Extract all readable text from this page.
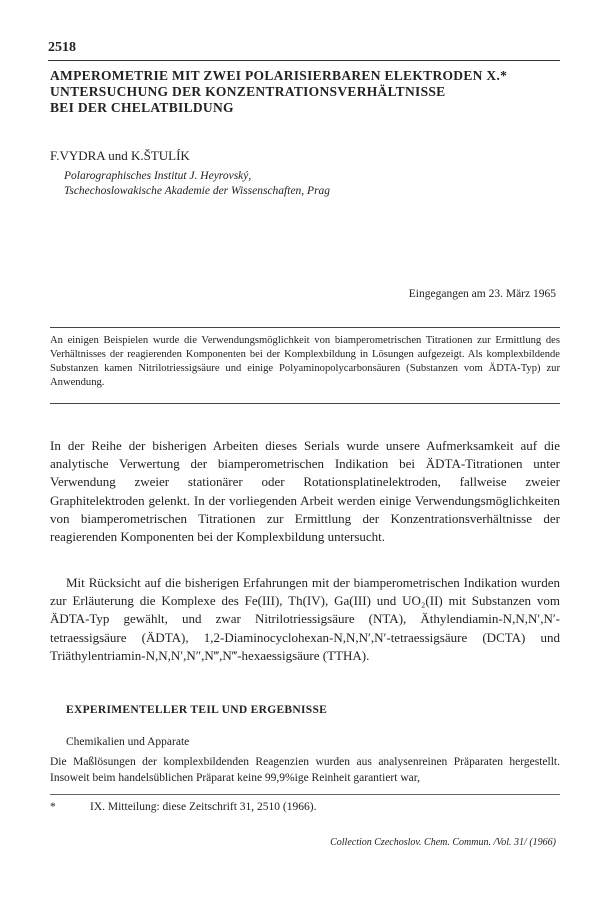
2518
AMPEROMETRIE MIT ZWEI POLARISIERBAREN ELEKTRODEN X.*
UNTERSUCHUNG DER KONZENTRATIONSVERHÄLTNISSE
BEI DER CHELATBILDUNG
F.VYDRA und K.ŠTULÍK
Polarographisches Institut J. Heyrovský,
Tschechoslowakische Akademie der Wissenschaften, Prag
Eingegangen am 23. März 1965
An einigen Beispielen wurde die Verwendungsmöglichkeit von biamperometrischen Titrationen zur Ermittlung des Verhältnisses der reagierenden Komponenten bei der Komplexbildung in Lösungen aufgezeigt. Als komplexbildende Substanzen kamen Nitrilotriessigsäure und einige Polyaminopolycarbonsäuren (Substanzen vom ÄDTA-Typ) zur Anwendung.
In der Reihe der bisherigen Arbeiten dieses Serials wurde unsere Aufmerksamkeit auf die analytische Verwertung der biamperometrischen Indikation bei ÄDTA-Titrationen unter Verwendung zweier stationärer oder Rotationsplatinelektroden, fallweise zweier Graphitelektroden gelenkt. In der vorliegenden Arbeit werden einige Verwendungsmöglichkeiten von biamperometrischen Titrationen zur Ermittlung der Konzentrationsverhältnisse der reagierenden Komponenten bei der Komplexbildung untersucht.
Mit Rücksicht auf die bisherigen Erfahrungen mit der biamperometrischen Indikation wurden zur Erläuterung die Komplexe des Fe(III), Th(IV), Ga(III) und UO₂(II) mit Substanzen vom ÄDTA-Typ gewählt, und zwar Nitrilotriessigsäure (NTA), Äthylendiamin-N,N,N′,N′-tetraessigsäure (ÄDTA), 1,2-Diaminocyclohexan-N,N,N′,N′-tetraessigsäure (DCTA) und Triäthylentriamin-N,N,N′,N″,N‴,N‴-hexaessigsäure (TTHA).
EXPERIMENTELLER TEIL UND ERGEBNISSE
Chemikalien und Apparate
Die Maßlösungen der komplexbildenden Reagenzien wurden aus analysenreinen Präparaten hergestellt. Insoweit beim handelsüblichen Präparat keine 99,9%ige Reinheit garantiert war,
*	IX. Mitteilung: diese Zeitschrift 31, 2510 (1966).
Collection Czechoslov. Chem. Commun. /Vol. 31/ (1966)
